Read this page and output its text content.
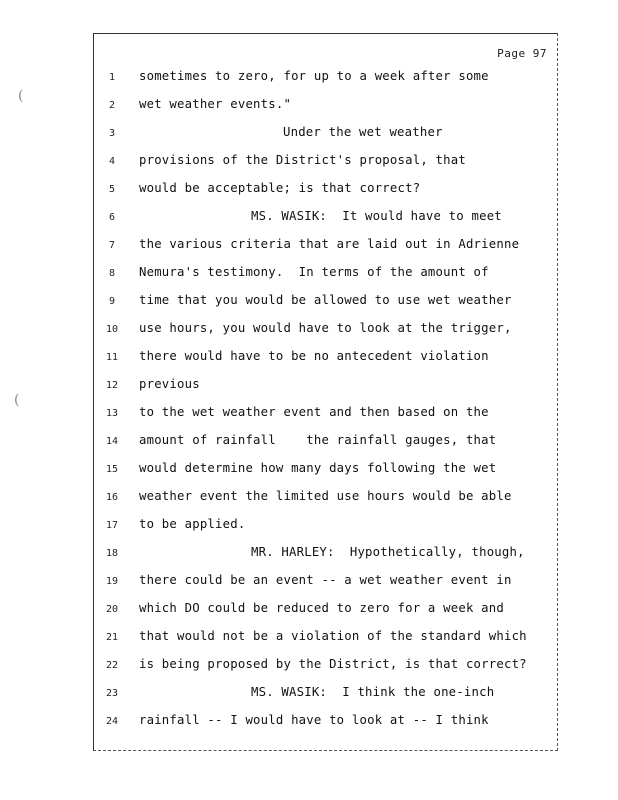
Page 97
1	sometimes to zero, for up to a week after some
2	wet weather events."
3	Under the wet weather
4	provisions of the District's proposal, that
5	would be acceptable; is that correct?
6	MS. WASIK:  It would have to meet
7	the various criteria that are laid out in Adrienne
8	Nemura's testimony.  In terms of the amount of
9	time that you would be allowed to use wet weather
10	use hours, you would have to look at the trigger,
11	there would have to be no antecedent violation
12	previous
13	to the wet weather event and then based on the
14	amount of rainfall    the rainfall gauges, that
15	would determine how many days following the wet
16	weather event the limited use hours would be able
17	to be applied.
18	MR. HARLEY:  Hypothetically, though,
19	there could be an event -- a wet weather event in
20	which DO could be reduced to zero for a week and
21	that would not be a violation of the standard which
22	is being proposed by the District, is that correct?
23	MS. WASIK:  I think the one-inch
24	rainfall -- I would have to look at -- I think
(
(
